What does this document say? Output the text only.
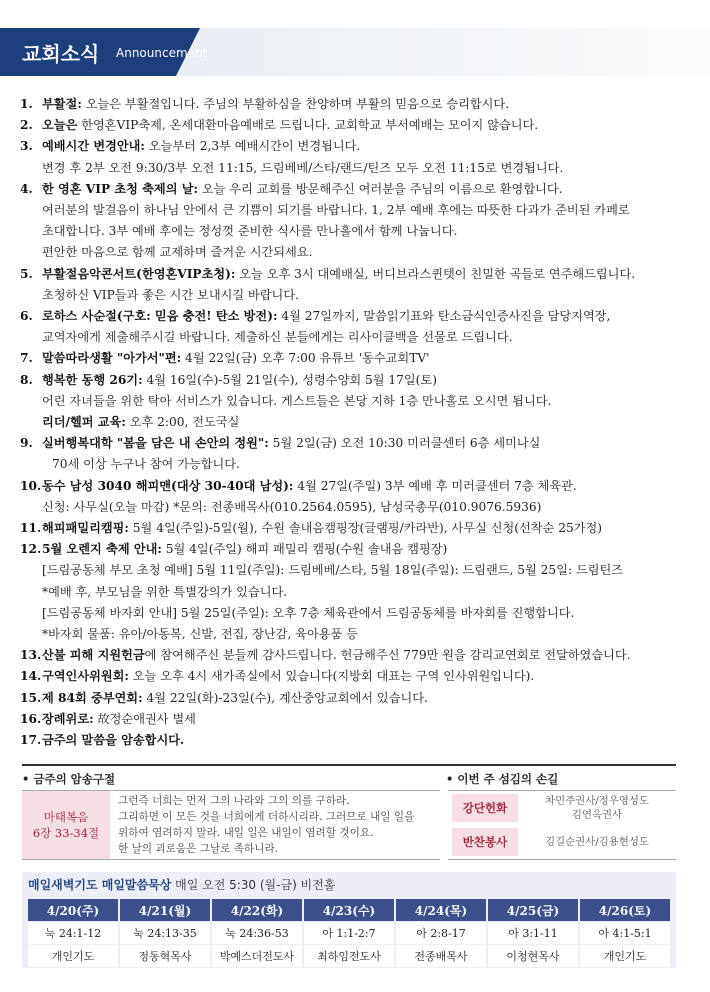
교회소식 Announcement
1. 부활절: 오늘은 부활절입니다. 주님의 부활하심을 찬양하며 부활의 믿음으로 승리합시다.
2. 오늘은 한영혼VIP축제, 온세대환마음예배로 드립니다. 교회학교 부서예배는 모이지 않습니다.
3. 예배시간 변경안내: 오늘부터 2,3부 예배시간이 변경됩니다.
변경 후 2부 오전 9:30/3부 오전 11:15, 드림베베/스타/랜드/틴즈 모두 오전 11:15로 변경됩니다.
4. 한 영혼 VIP 초청 축제의 날: 오늘 우리 교회를 방문해주신 여러분을 주님의 이름으로 환영합니다.
여러분의 발걸음이 하나님 안에서 큰 기쁨이 되기를 바랍니다. 1, 2부 예배 후에는 따뜻한 다과가 준비된 카페로
초대합니다. 3부 예배 후에는 정성껏 준비한 식사를 만나홀에서 함께 나눕니다.
편안한 마음으로 함께 교제하며 즐거운 시간되세요.
5. 부활절음악콘서트(한영혼VIP초청): 오늘 오후 3시 대예배실, 버디브라스퀸텟이 친밀한 곡들로 연주해드립니다.
초청하신 VIP들과 좋은 시간 보내시길 바랍니다.
6. 로하스 사순절(구호: 믿음 충전! 탄소 방전): 4월 27일까지, 말씀읽기표와 탄소금식인증사진을 담당지역장,
교역자에게 제출해주시길 바랍니다. 제출하신 분들에게는 리사이클백을 선물로 드립니다.
7. 말씀따라생활 "아가서"편: 4월 22일(금) 오후 7:00 유튜브 '동수교회TV'
8. 행복한 동행 26기: 4월 16일(수)-5월 21일(수), 성령수양회 5월 17일(토)
어린 자녀들을 위한 탁아 서비스가 있습니다. 게스트들은 본당 지하 1층 만나홀로 오시면 됩니다.
리더/헬퍼 교육: 오후 2:00, 전도국실
9. 실버행복대학 "봄을 담은 내 손안의 정원": 5월 2일(금) 오전 10:30 미러클센터 6층 세미나실
70세 이상 누구나 참여 가능합니다.
10. 동수 남성 3040 해피맨(대상 30-40대 남성): 4월 27일(주일) 3부 예배 후 미러클센터 7층 체육관.
신청: 사무실(오늘 마감) *문의: 전종배목사(010.2564.0595), 남성국총무(010.9076.5936)
11. 해피패밀리캠핑: 5월 4일(주일)-5일(월), 수원 솔내음캠핑장(글램핑/카라반), 사무실 신청(선착순 25가정)
12. 5월 오렌지 축제 안내: 5월 4일(주일) 해피 패밀리 캠핑(수원 솔내음 캠핑장)
[드림공동체 부모 초청 예배] 5월 11일(주일): 드림베베/스타, 5월 18일(주일): 드림랜드, 5월 25일: 드림틴즈
*예배 후, 부모님을 위한 특별강의가 있습니다.
[드림공동체 바자회 안내] 5월 25일(주일): 오후 7층 체육관에서 드림공동체를 바자회를 진행합니다.
*바자회 물품: 유아/아동복, 신발, 전집, 장난감, 육아용품 등
13. 산불 피해 지원헌금에 참여해주신 분들께 감사드립니다. 헌금해주신 779만 원을 감리교연회로 전달하였습니다.
14. 구역인사위원회: 오늘 오후 4시 새가족실에서 있습니다(지방회 대표는 구역 인사위원입니다).
15. 제 84회 중부연회: 4월 22일(화)-23일(수), 계산중앙교회에서 있습니다.
16. 장례위로: 故정순애권사 별세
17. 금주의 말씀을 암송합시다.
• 금주의 암송구절	• 이번 주 섬김의 손길
마태복음
6장 33-34절
그런즉 너희는 먼저 그의 나라와 그의 의를 구하라.
그리하면 이 모든 것을 너희에게 더하시리라. 그러므로 내일 일을
위하여 염려하지 말라. 내일 일은 내일이 염려할 것이요.
한 날의 괴로움은 그날로 족하니라.
강단헌화	차민주권사/정우영성도
김연옥권사
반찬봉사	김길순권사/김용현성도
매일새벽기도 매일말씀묵상 매일 오전 5:30 (월-금) 비전홀
4/20(주)	4/21(월)	4/22(화)	4/23(수)	4/24(목)	4/25(금)	4/26(토)
눅 24:1-12	눅 24:13-35	눅 24:36-53	아 1:1-2:7	아 2:8-17	아 3:1-11	아 4:1-5:1
개인기도	정동혁목사	박예스더전도사	최하임전도사	전종배목사	이청현목사	개인기도
